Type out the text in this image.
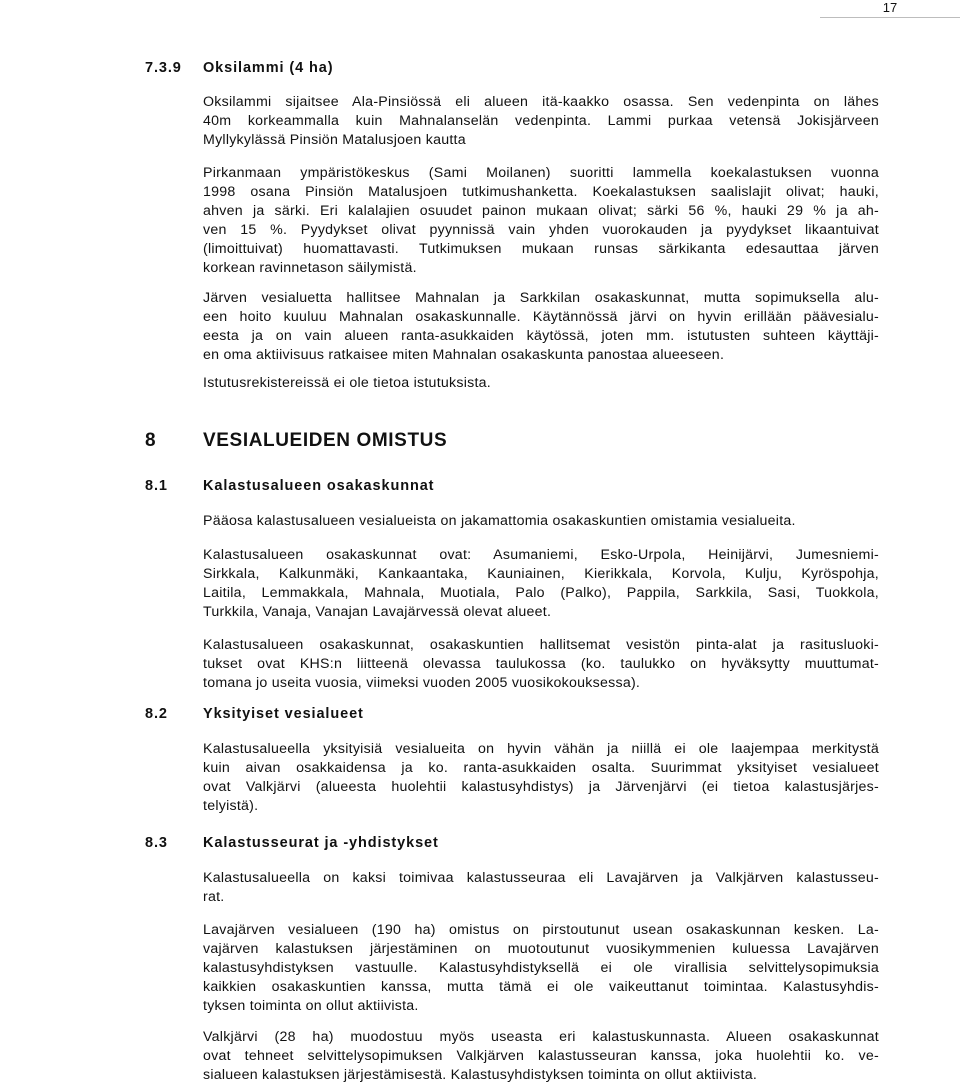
17
7.3.9 Oksilammi (4 ha)
Oksilammi sijaitsee Ala-Pinsiössä eli alueen itä-kaakko osassa. Sen vedenpinta on lähes
40m korkeammalla kuin Mahnalanselän vedenpinta. Lammi purkaa vetensä Jokisjärveen
Myllykylässä Pinsiön Matalusjoen kautta
Pirkanmaan ympäristökeskus (Sami Moilanen) suoritti lammella koekalastuksen vuonna
1998 osana Pinsiön Matalusjoen tutkimushanketta. Koekalastuksen saalislajit olivat; hauki,
ahven ja särki. Eri kalalajien osuudet painon mukaan olivat; särki 56 %, hauki 29 % ja ah-
ven 15 %. Pyydykset olivat pyynnissä vain yhden vuorokauden ja pyydykset likaantuivat
(limoittuivat) huomattavasti. Tutkimuksen mukaan runsas särkikanta edesauttaa järven
korkean ravinnetason säilymistä.
Järven vesialuetta hallitsee Mahnalan ja Sarkkilan osakaskunnat, mutta sopimuksella alu-
een hoito kuuluu Mahnalan osakaskunnalle. Käytännössä järvi on hyvin erillään päävesialu-
eesta ja on vain alueen ranta-asukkaiden käytössä, joten mm. istutusten suhteen käyttäji-
en oma aktiivisuus ratkaisee miten Mahnalan osakaskunta panostaa alueeseen.
Istutusrekistereissä ei ole tietoa istutuksista.
8 VESIALUEIDEN OMISTUS
8.1 Kalastusalueen osakaskunnat
Pääosa kalastusalueen vesialueista on jakamattomia osakaskuntien omistamia vesialueita.
Kalastusalueen osakaskunnat ovat: Asumaniemi, Esko-Urpola, Heinijärvi, Jumesniemi-
Sirkkala, Kalkunmäki, Kankaantaka, Kauniainen, Kierikkala, Korvola, Kulju, Kyröspohja,
Laitila, Lemmakkala, Mahnala, Muotiala, Palo (Palko), Pappila, Sarkkila, Sasi, Tuokkola,
Turkkila, Vanaja, Vanajan Lavajärvessä olevat alueet.
Kalastusalueen osakaskunnat, osakaskuntien hallitsemat vesistön pinta-alat ja rasitusluoki-
tukset ovat KHS:n liitteenä olevassa taulukossa (ko. taulukko on hyväksytty muuttumat-
tomana jo useita vuosia, viimeksi vuoden 2005 vuosikokouksessa).
8.2 Yksityiset vesialueet
Kalastusalueella yksityisiä vesialueita on hyvin vähän ja niillä ei ole laajempaa merkitystä
kuin aivan osakkaidensa ja ko. ranta-asukkaiden osalta. Suurimmat yksityiset vesialueet
ovat Valkjärvi (alueesta huolehtii kalastusyhdistys) ja Järvenjärvi (ei tietoa kalastusjärjes-
telyistä).
8.3 Kalastusseurat ja -yhdistykset
Kalastusalueella on kaksi toimivaa kalastusseuraa eli Lavajärven ja Valkjärven kalastusseu-
rat.
Lavajärven vesialueen (190 ha) omistus on pirstoutunut usean osakaskunnan kesken. La-
vajärven kalastuksen järjestäminen on muotoutunut vuosikymmenien kuluessa Lavajärven
kalastusyhdistyksen vastuulle. Kalastusyhdistyksellä ei ole virallisia selvittelysopimuksia
kaikkien osakaskuntien kanssa, mutta tämä ei ole vaikeuttanut toimintaa. Kalastusyhdis-
tyksen toiminta on ollut aktiivista.
Valkjärvi (28 ha) muodostuu myös useasta eri kalastuskunnasta. Alueen osakaskunnat
ovat tehneet selvittelysopimuksen Valkjärven kalastusseuran kanssa, joka huolehtii ko. ve-
sialueen kalastuksen järjestämisestä. Kalastusyhdistyksen toiminta on ollut aktiivista.
